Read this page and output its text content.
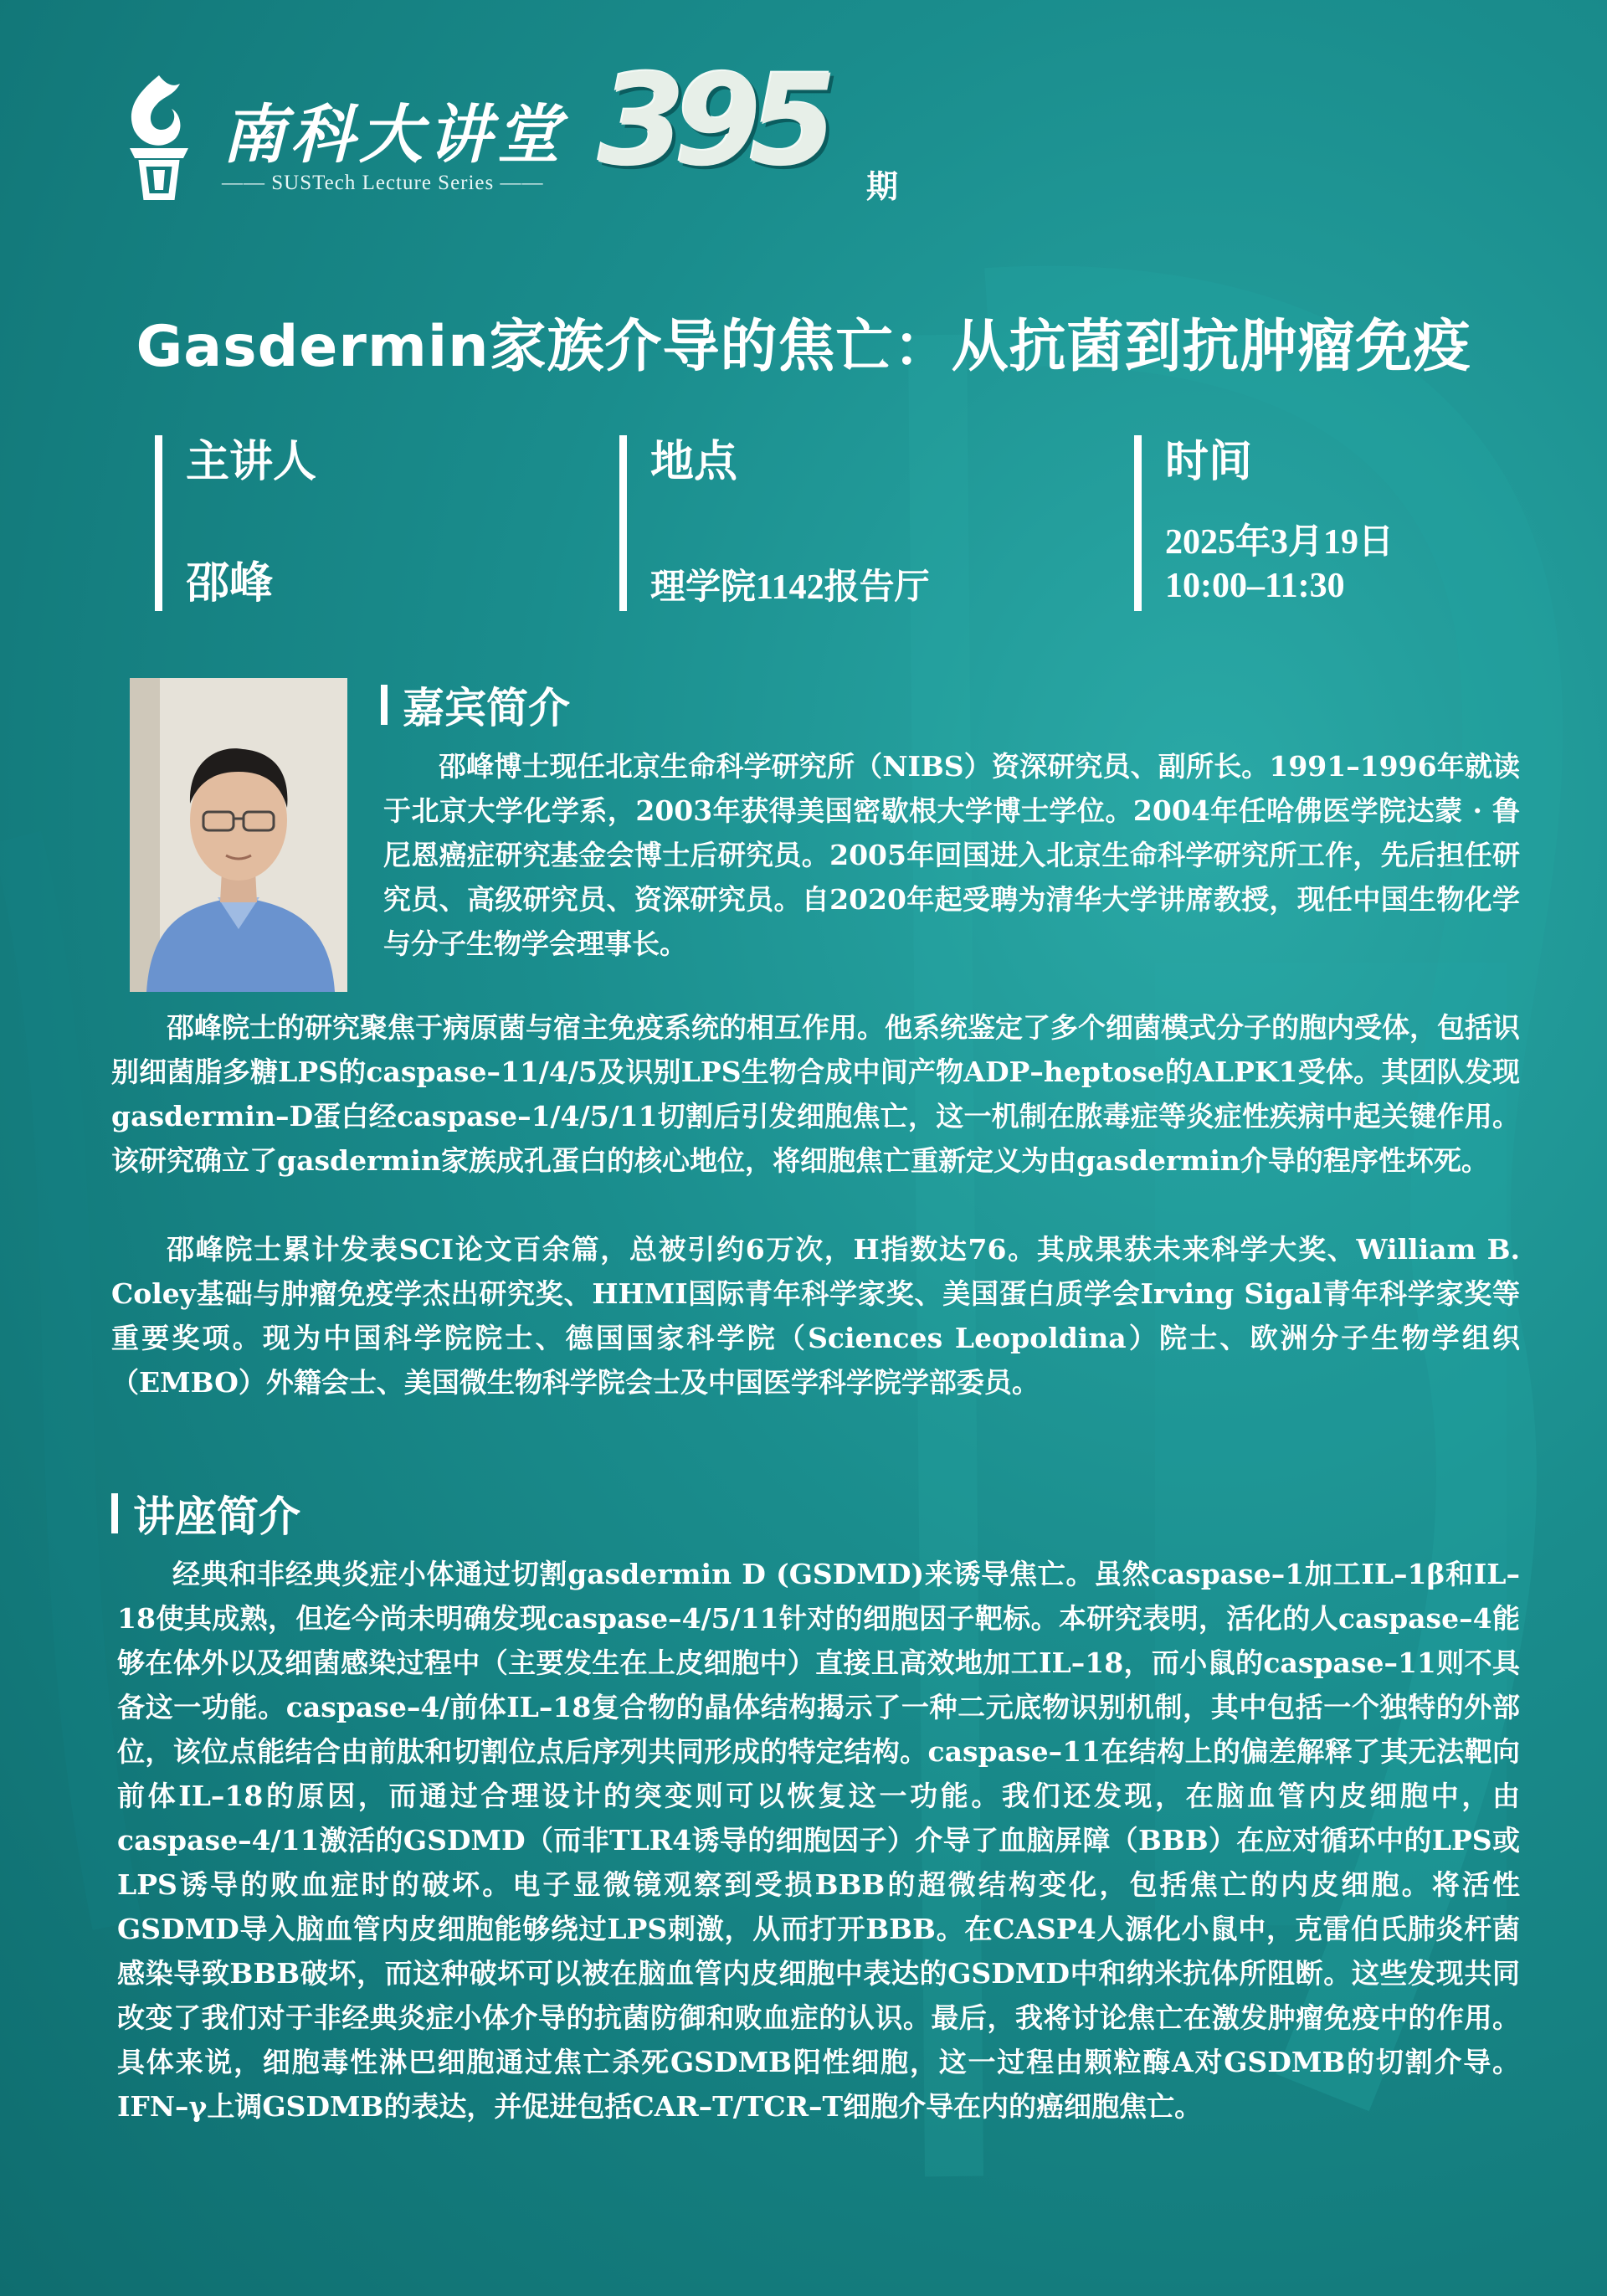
南科大讲堂
—— SUSTech Lecture Series —— 395 期
Gasdermin家族介导的焦亡：从抗菌到抗肿瘤免疫
主讲人
邵峰
地点
理学院1142报告厅
时间
2025年3月19日
10:00–11:30
嘉宾简介

邵峰博士现任北京生命科学研究所（NIBS）资深研究员、副所长。1991–1996年就读于北京大学化学系，2003年获得美国密歇根大学博士学位。2004年任哈佛医学院达蒙 · 鲁尼恩癌症研究基金会博士后研究员。2005年回国进入北京生命科学研究所工作，先后担任研究员、高级研究员、资深研究员。自2020年起受聘为清华大学讲席教授，现任中国生物化学与分子生物学会理事长。

邵峰院士的研究聚焦于病原菌与宿主免疫系统的相互作用。他系统鉴定了多个细菌模式分子的胞内受体，包括识别细菌脂多糖LPS的caspase–11/4/5及识别LPS生物合成中间产物ADP–heptose的ALPK1受体。其团队发现gasdermin–D蛋白经caspase–1/4/5/11切割后引发细胞焦亡，这一机制在脓毒症等炎症性疾病中起关键作用。该研究确立了gasdermin家族成孔蛋白的核心地位，将细胞焦亡重新定义为由gasdermin介导的程序性坏死。

邵峰院士累计发表SCI论文百余篇，总被引约6万次，H指数达76。其成果获未来科学大奖、William B. Coley基础与肿瘤免疫学杰出研究奖、HHMI国际青年科学家奖、美国蛋白质学会Irving Sigal青年科学家奖等重要奖项。现为中国科学院院士、德国国家科学院（Sciences Leopoldina）院士、欧洲分子生物学组织（EMBO）外籍会士、美国微生物科学院会士及中国医学科学院学部委员。

讲座简介

经典和非经典炎症小体通过切割gasdermin D (GSDMD)来诱导焦亡。虽然caspase–1加工IL–1β和IL–18使其成熟，但迄今尚未明确发现caspase–4/5/11针对的细胞因子靶标。本研究表明，活化的人caspase–4能够在体外以及细菌感染过程中（主要发生在上皮细胞中）直接且高效地加工IL–18，而小鼠的caspase–11则不具备这一功能。caspase–4/前体IL–18复合物的晶体结构揭示了一种二元底物识别机制，其中包括一个独特的外部位，该位点能结合由前肽和切割位点后序列共同形成的特定结构。caspase–11在结构上的偏差解释了其无法靶向前体IL–18的原因，而通过合理设计的突变则可以恢复这一功能。我们还发现，在脑血管内皮细胞中，由caspase–4/11激活的GSDMD（而非TLR4诱导的细胞因子）介导了血脑屏障（BBB）在应对循环中的LPS或LPS诱导的败血症时的破坏。电子显微镜观察到受损BBB的超微结构变化，包括焦亡的内皮细胞。将活性GSDMD导入脑血管内皮细胞能够绕过LPS刺激，从而打开BBB。在CASP4人源化小鼠中，克雷伯氏肺炎杆菌感染导致BBB破坏，而这种破坏可以被在脑血管内皮细胞中表达的GSDMD中和纳米抗体所阻断。这些发现共同改变了我们对于非经典炎症小体介导的抗菌防御和败血症的认识。最后，我将讨论焦亡在激发肿瘤免疫中的作用。具体来说，细胞毒性淋巴细胞通过焦亡杀死GSDMB阳性细胞，这一过程由颗粒酶A对GSDMB的切割介导。IFN–γ上调GSDMB的表达，并促进包括CAR–T/TCR–T细胞介导在内的癌细胞焦亡。
